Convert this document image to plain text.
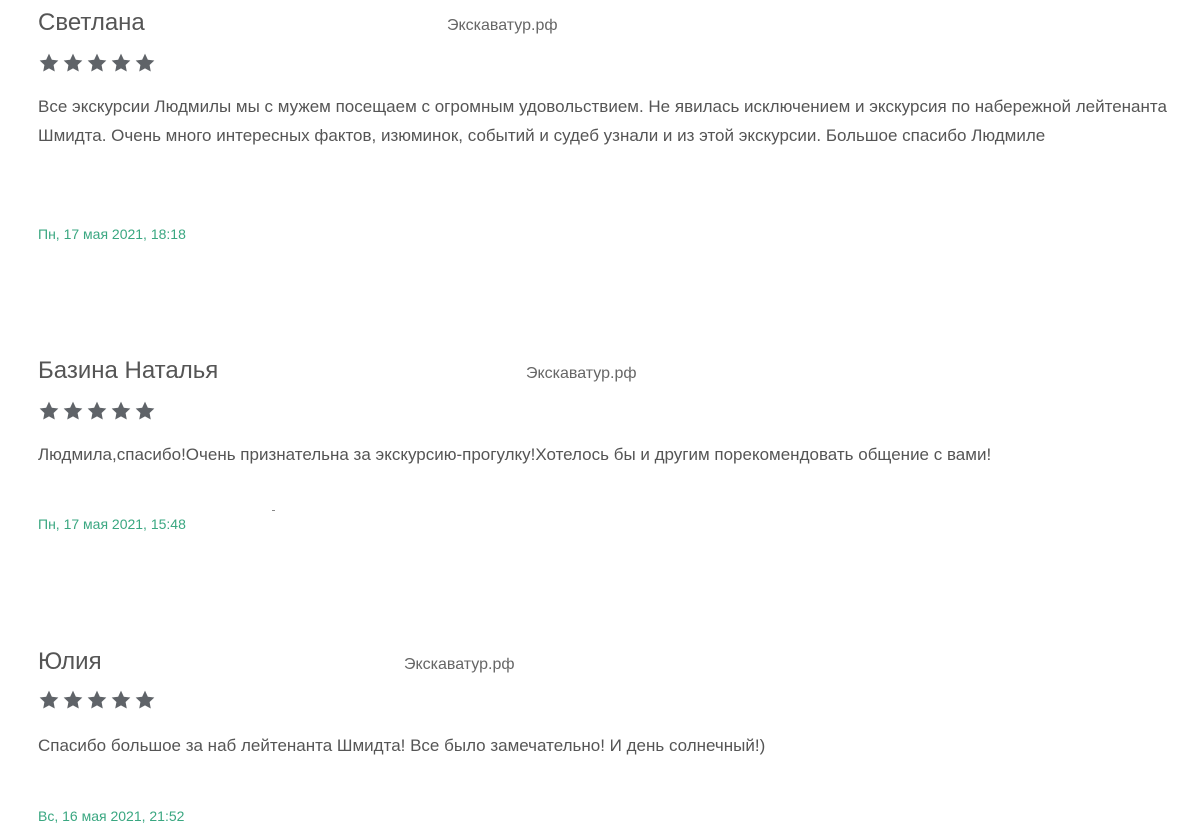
Светлана	Экскаватур.рф

Все экскурсии Людмилы мы с мужем посещаем с огромным удовольствием. Не явилась исключением и экскурсия по набережной лейтенанта Шмидта. Очень много интересных фактов, изюминок, событий и судеб узнали и из этой экскурсии. Большое спасибо Людмиле

Пн, 17 мая 2021, 18:18
Базина Наталья	Экскаватур.рф

Людмила,спасибо!Очень признательна за экскурсию-прогулку!Хотелось бы и другим порекомендовать общение с вами!

Пн, 17 мая 2021, 15:48
Юлия	Экскаватур.рф

Спасибо большое за наб лейтенанта Шмидта! Все было замечательно! И день солнечный!)

Вс, 16 мая 2021, 21:52
